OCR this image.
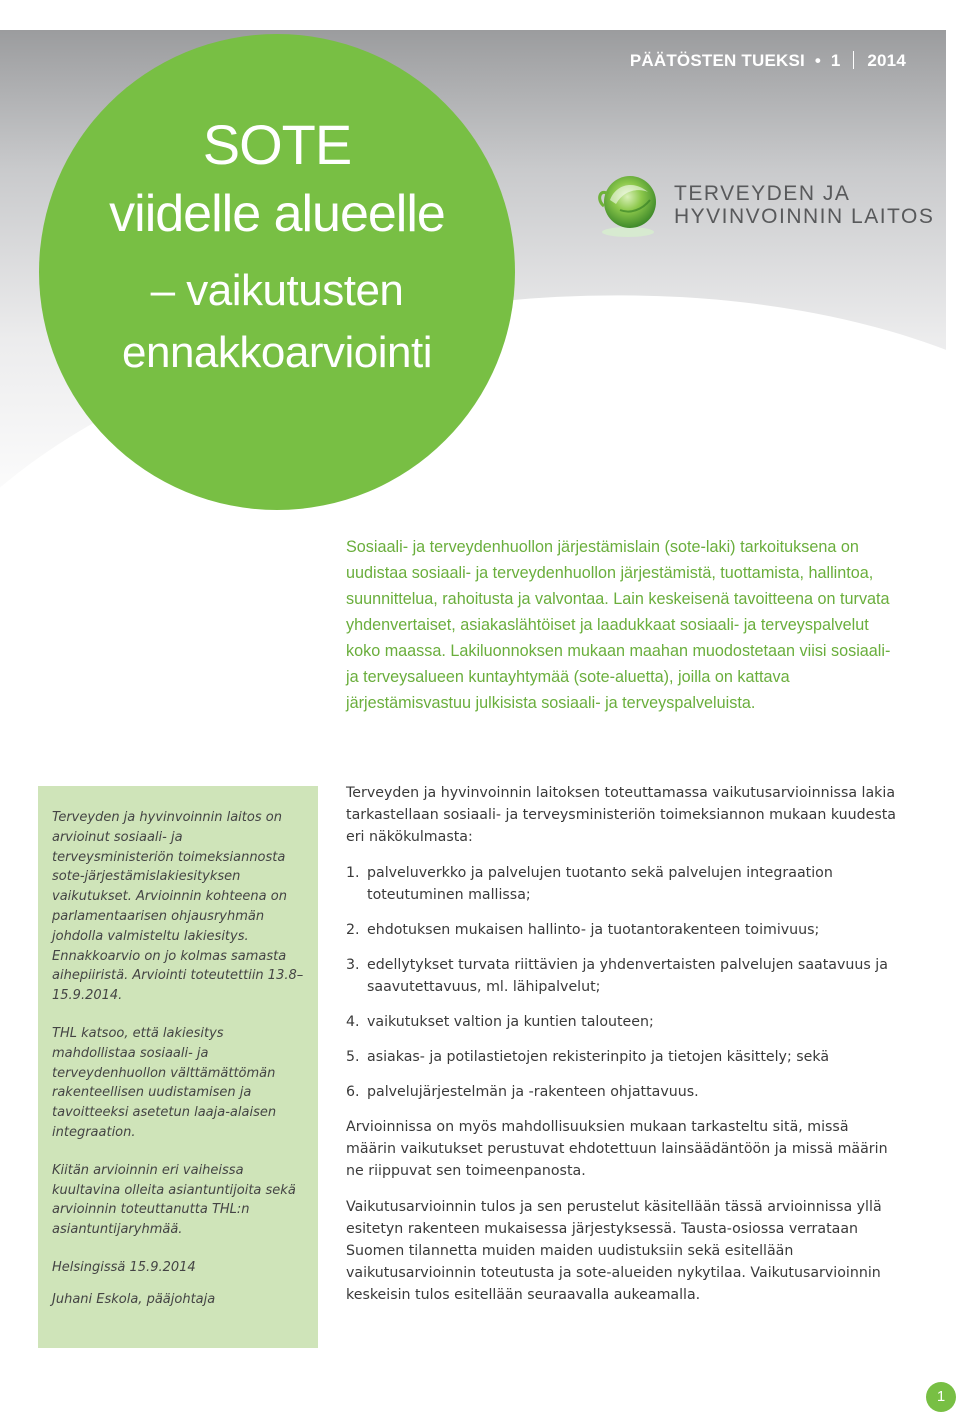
PÄÄTÖSTEN TUEKSI  •  1 2014
SOTE
viidelle alueelle
– vaikutusten
ennakkoarviointi
TERVEYDEN JA
HYVINVOINNIN LAITOS
Sosiaali- ja terveydenhuollon järjestämislain (sote-laki) tarkoituksena on uudistaa sosiaali- ja terveydenhuollon järjestämistä, tuottamista, hallintoa, suunnittelua, rahoitusta ja valvontaa. Lain keskeisenä tavoitteena on turvata yhdenvertaiset, asiakaslähtöiset ja laadukkaat sosiaali- ja terveyspalvelut koko maassa. Lakiluonnoksen mukaan maahan muodostetaan viisi sosiaali- ja terveysalueen kuntayhtymää (sote-aluetta), joilla on kattava järjestämisvastuu julkisista sosiaali- ja terveyspalveluista.

Terveyden ja hyvinvoinnin laitos on arvioinut sosiaali- ja terveysministeriön toimeksiannosta sote-järjestämislakiesityksen vaikutukset. Arvioinnin kohteena on parlamentaarisen ohjausryhmän johdolla valmisteltu lakiesitys. Ennakkoarvio on jo kolmas samasta aihepiiristä. Arviointi toteutettiin 13.8–15.9.2014.

THL katsoo, että lakiesitys mahdollistaa sosiaali- ja terveydenhuollon välttämättömän rakenteellisen uudistamisen ja tavoitteeksi asetetun laaja-alaisen integraation.

Kiitän arvioinnin eri vaiheissa kuultavina olleita asiantuntijoita sekä arvioinnin toteuttanutta THL:n asiantuntijaryhmää.

Helsingissä 15.9.2014

Juhani Eskola, pääjohtaja

Terveyden ja hyvinvoinnin laitoksen toteuttamassa vaikutusarvioinnissa lakia tarkastellaan sosiaali- ja terveysministeriön toimeksiannon mukaan kuudesta eri näkökulmasta:

1. palveluverkko ja palvelujen tuotanto sekä palvelujen integraation toteutuminen mallissa;
2. ehdotuksen mukaisen hallinto- ja tuotantorakenteen toimivuus;
3. edellytykset turvata riittävien ja yhdenvertaisten palvelujen saatavuus ja saavutettavuus, ml. lähipalvelut;
4. vaikutukset valtion ja kuntien talouteen;
5. asiakas- ja potilastietojen rekisterinpito ja tietojen käsittely; sekä
6. palvelujärjestelmän ja -rakenteen ohjattavuus.

Arvioinnissa on myös mahdollisuuksien mukaan tarkasteltu sitä, missä määrin vaikutukset perustuvat ehdotettuun lainsäädäntöön ja missä määrin ne riippuvat sen toimeenpanosta.

Vaikutusarvioinnin tulos ja sen perustelut käsitellään tässä arvioinnissa yllä esitetyn rakenteen mukaisessa järjestyksessä. Tausta-osiossa verrataan Suomen tilannetta muiden maiden uudistuksiin sekä esitellään vaikutusarvioinnin toteutusta ja sote-alueiden nykytilaa. Vaikutusarvioinnin keskeisin tulos esitellään seuraavalla aukeamalla.

1
